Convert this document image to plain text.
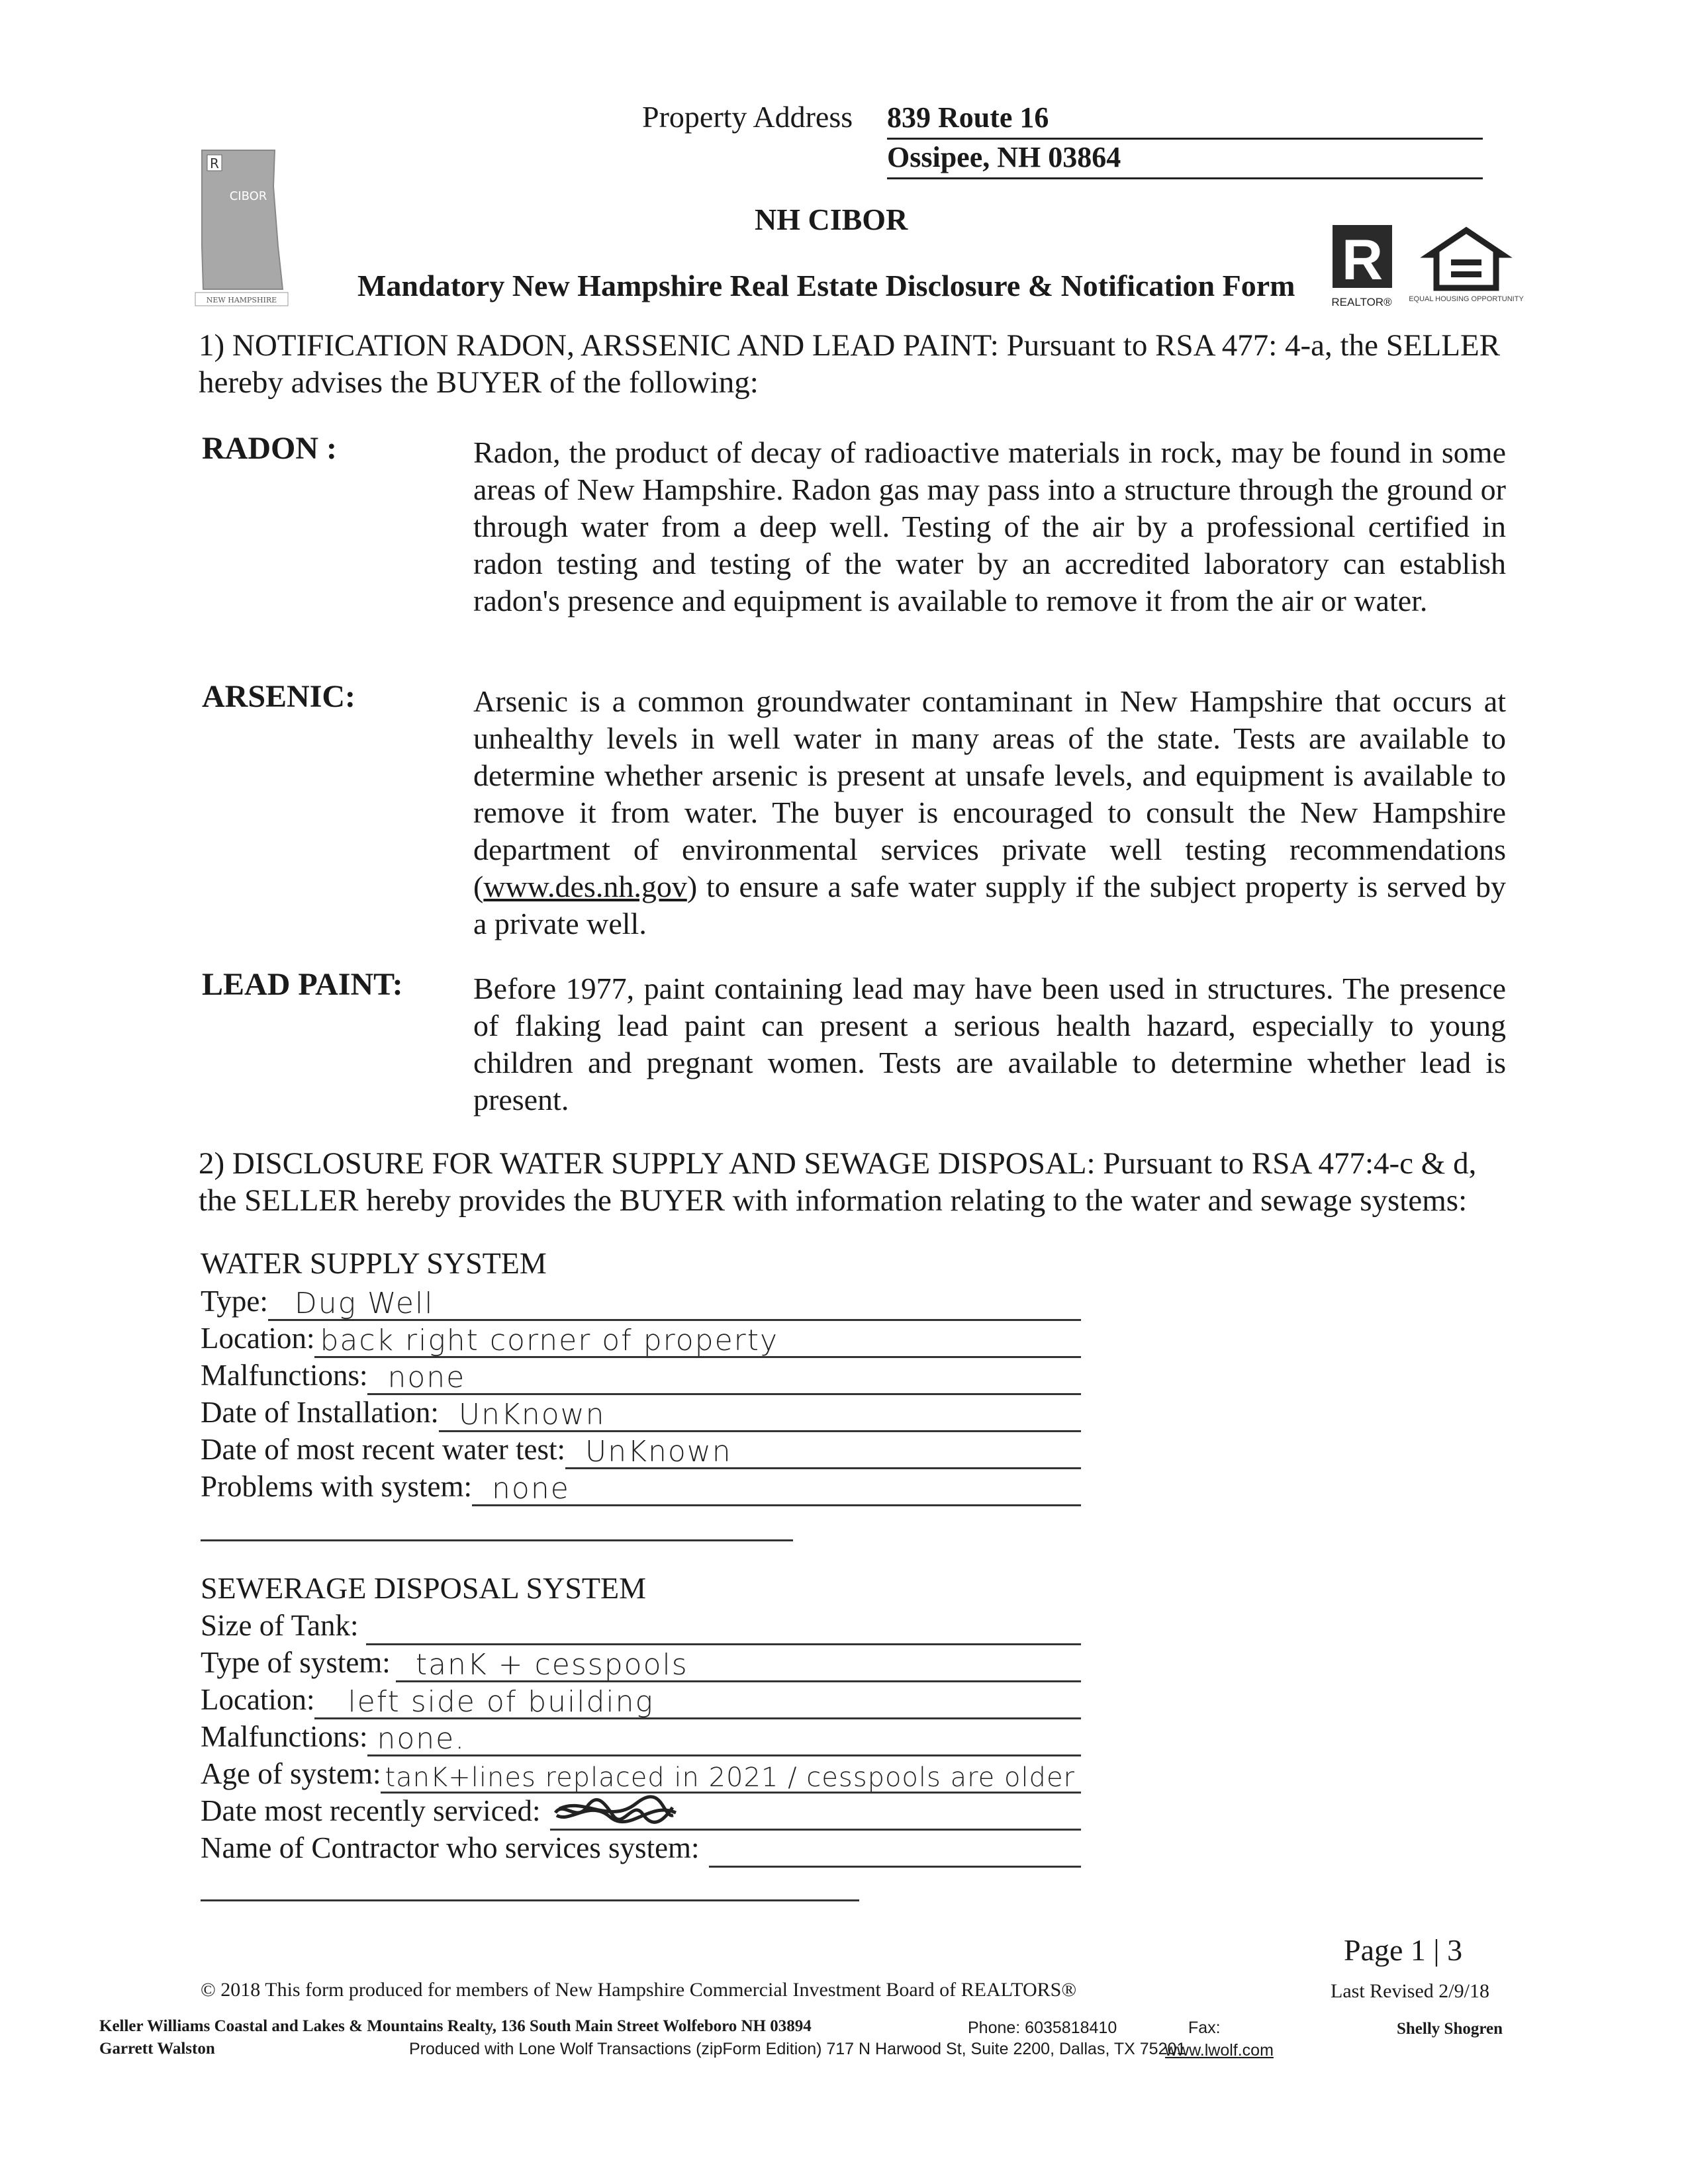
Property Address 839 Route 16
Ossipee, NH 03864
R
CIBOR
NEW HAMPSHIRE
NH CIBOR
Mandatory New Hampshire Real Estate Disclosure & Notification Form R
REALTOR® EQUAL HOUSING OPPORTUNITY
1) NOTIFICATION RADON, ARSSENIC AND LEAD PAINT: Pursuant to RSA 477: 4-a, the SELLER hereby advises the BUYER of the following:
RADON :	Radon, the product of decay of radioactive materials in rock, may be found in some areas of New Hampshire. Radon gas may pass into a structure through the ground or through water from a deep well. Testing of the air by a professional certified in radon testing and testing of the water by an accredited laboratory can establish radon's presence and equipment is available to remove it from the air or water.
ARSENIC:	Arsenic is a common groundwater contaminant in New Hampshire that occurs at unhealthy levels in well water in many areas of the state. Tests are available to determine whether arsenic is present at unsafe levels, and equipment is available to remove it from water. The buyer is encouraged to consult the New Hampshire department of environmental services private well testing recommendations (www.des.nh.gov) to ensure a safe water supply if the subject property is served by a private well.
LEAD PAINT: Before 1977, paint containing lead may have been used in structures. The presence of flaking lead paint can present a serious health hazard, especially to young children and pregnant women. Tests are available to determine whether lead is present.
2) DISCLOSURE FOR WATER SUPPLY AND SEWAGE DISPOSAL: Pursuant to RSA 477:4-c & d, the SELLER hereby provides the BUYER with information relating to the water and sewage systems:
WATER SUPPLY SYSTEM
Type: Dug Well
Location: back right corner of property
Malfunctions: none
Date of Installation: UnKnown
Date of most recent water test: UnKnown
Problems with system: none
SEWERAGE DISPOSAL SYSTEM
Size of Tank:
Type of system: tanK + cesspools
Location: left side of building
Malfunctions: none.
Age of system: tanK+lines replaced in 2021 / cesspools are older
Date most recently serviced:
Name of Contractor who services system:
Page 1 | 3
Last Revised 2/9/18
© 2018 This form produced for members of New Hampshire Commercial Investment Board of REALTORS®
Keller Williams Coastal and Lakes & Mountains Realty, 136 South Main Street Wolfeboro NH 03894	Phone: 6035818410	Fax:	Shelly Shogren
Garrett Walston	Produced with Lone Wolf Transactions (zipForm Edition) 717 N Harwood St, Suite 2200, Dallas, TX 75201
www.lwolf.com
